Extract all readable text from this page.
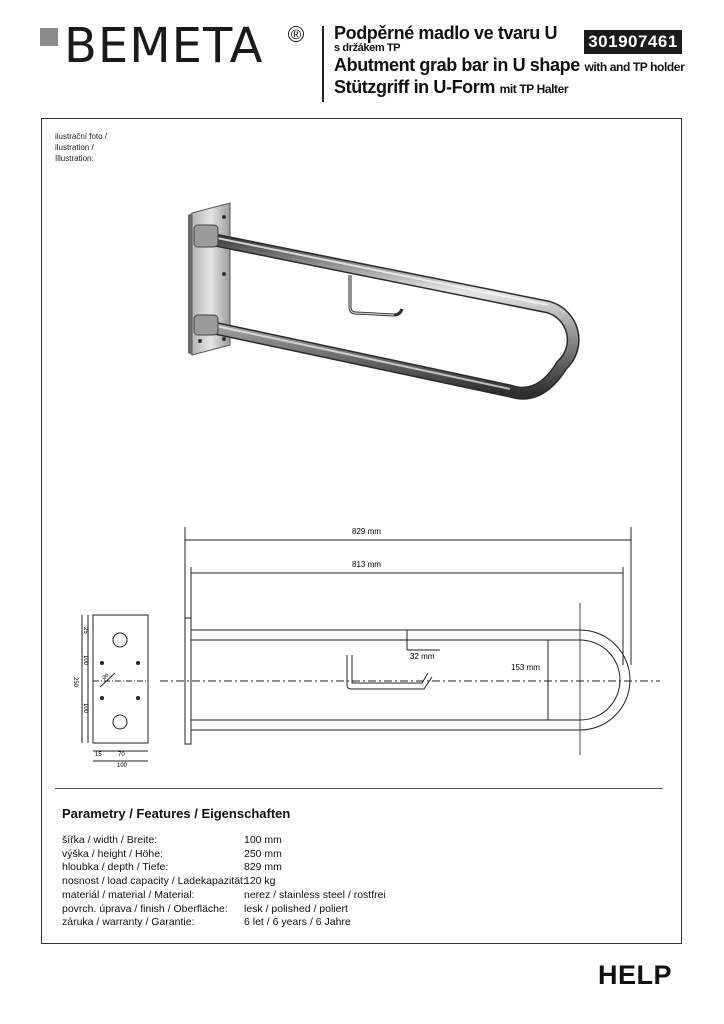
BEMETA ® Podpěrné madlo ve tvaru U
s držákem TP
Abutment grab bar in U shape with and TP holder
Stützgriff in U-Form mit TP Halter
301907461
ilustrační foto /
ilustration /
Illustration:
25
100
250
100
15	70
100
Ø6
829 mm
813 mm
32 mm
153 mm
Parametry / Features / Eigenschaften
šířka / width / Breite:	100 mm
výška / height / Höhe:	250 mm
hloubka / depth / Tiefe:	829 mm
nosnost / load capacity / Ladekapazität:
120 kg
materiál / material / Material:	nerez / stainless steel / rostfrei
povrch. úprava / finish / Oberfläche:	lesk / polished / poliert
záruka / warranty / Garantie:	6 let / 6 years / 6 Jahre
HELP
